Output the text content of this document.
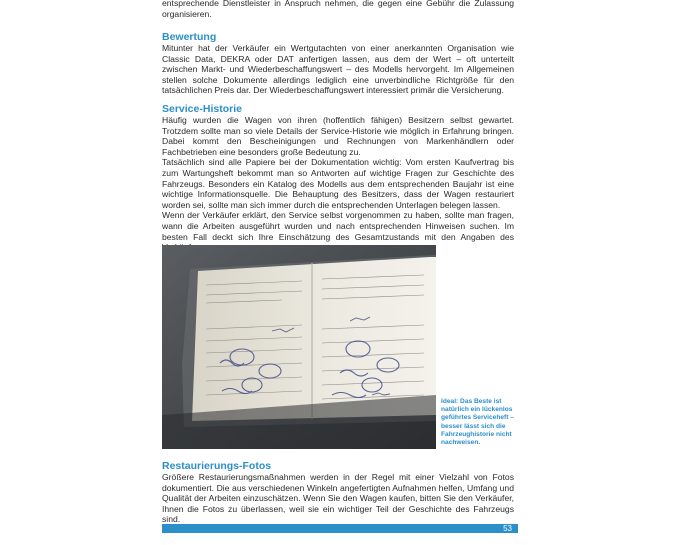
entsprechende Dienstleister in Anspruch nehmen, die gegen eine Gebühr die Zulassung organisieren.

Bewertung

Mitunter hat der Verkäufer ein Wertgutachten von einer anerkannten Organisation wie Classic Data, DEKRA oder DAT anfertigen lassen, aus dem der Wert – oft unterteilt zwischen Markt- und Wiederbeschaffungswert – des Modells hervorgeht. Im Allgemeinen stellen solche Dokumente allerdings lediglich eine unverbindliche Richtgröße für den tatsächlichen Preis dar. Der Wiederbeschaffungswert interessiert primär die Versicherung.

Service-Historie

Häufig wurden die Wagen von ihren (hoffentlich fähigen) Besitzern selbst gewartet. Trotzdem sollte man so viele Details der Service-Historie wie möglich in Erfahrung bringen. Dabei kommt den Bescheinigungen und Rechnungen von Markenhändlern oder Fachbetrieben eine besonders große Bedeutung zu.

Tatsächlich sind alle Papiere bei der Dokumentation wichtig: Vom ersten Kaufvertrag bis zum Wartungsheft bekommt man so Antworten auf wichtige Fragen zur Geschichte des Fahrzeugs. Besonders ein Katalog des Modells aus dem entsprechenden Baujahr ist eine wichtige Informationsquelle. Die Behauptung des Besitzers, dass der Wagen restauriert worden sei, sollte man sich immer durch die entsprechenden Unterlagen belegen lassen.

Wenn der Verkäufer erklärt, den Service selbst vorgenommen zu haben, sollte man fragen, wann die Arbeiten ausgeführt wurden und nach entsprechenden Hinweisen suchen. Im besten Fall deckt sich Ihre Einschätzung des Gesamtzustands mit den Angaben des

Ideal: Das Beste ist natürlich ein lückenlos geführtes Serviceheft – besser lässt sich die Fahrzeughistorie nicht nachweisen.

Restaurierungs-Fotos

Größere Restaurierungsmaßnahmen werden in der Regel mit einer Vielzahl von Fotos dokumentiert. Die aus verschiedenen Winkeln angefertigten Aufnahmen helfen, Umfang und Qualität der Arbeiten einzuschätzen. Wenn Sie den Wagen kaufen, bitten Sie den Verkäufer, Ihnen die Fotos zu überlassen, weil sie ein wichtiger Teil der Geschichte des Fahrzeugs sind.

53
